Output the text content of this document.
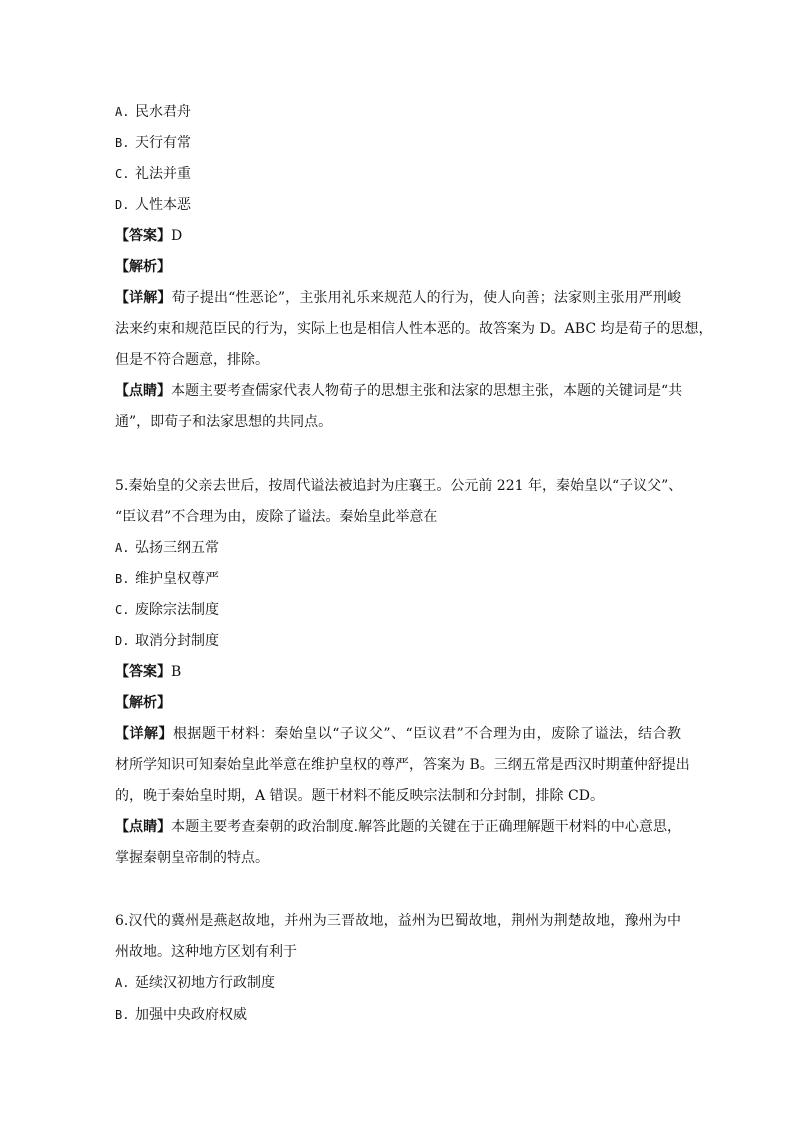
A. 民水君舟
B. 天行有常
C. 礼法并重
D. 人性本恶
【答案】D
【解析】
【详解】荀子提出“性恶论”，主张用礼乐来规范人的行为，使人向善；法家则主张用严刑峻
法来约束和规范臣民的行为，实际上也是相信人性本恶的。故答案为 D。ABC 均是荀子的思想，
但是不符合题意，排除。
【点睛】本题主要考查儒家代表人物荀子的思想主张和法家的思想主张，本题的关键词是“共
通”，即荀子和法家思想的共同点。
5.秦始皇的父亲去世后，按周代谥法被追封为庄襄王。公元前 221 年，秦始皇以“子议父”、
“臣议君”不合理为由，废除了谥法。秦始皇此举意在
A. 弘扬三纲五常
B. 维护皇权尊严
C. 废除宗法制度
D. 取消分封制度
【答案】B
【解析】
【详解】根据题干材料：秦始皇以“子议父”、“臣议君”不合理为由，废除了谥法，结合教
材所学知识可知秦始皇此举意在维护皇权的尊严，答案为 B。三纲五常是西汉时期董仲舒提出
的，晚于秦始皇时期，A 错误。题干材料不能反映宗法制和分封制，排除 CD。
【点睛】本题主要考查秦朝的政治制度.解答此题的关键在于正确理解题干材料的中心意思，
掌握秦朝皇帝制的特点。
6.汉代的冀州是燕赵故地，并州为三晋故地，益州为巴蜀故地，荆州为荆楚故地，豫州为中
州故地。这种地方区划有利于
A. 延续汉初地方行政制度
B. 加强中央政府权威
